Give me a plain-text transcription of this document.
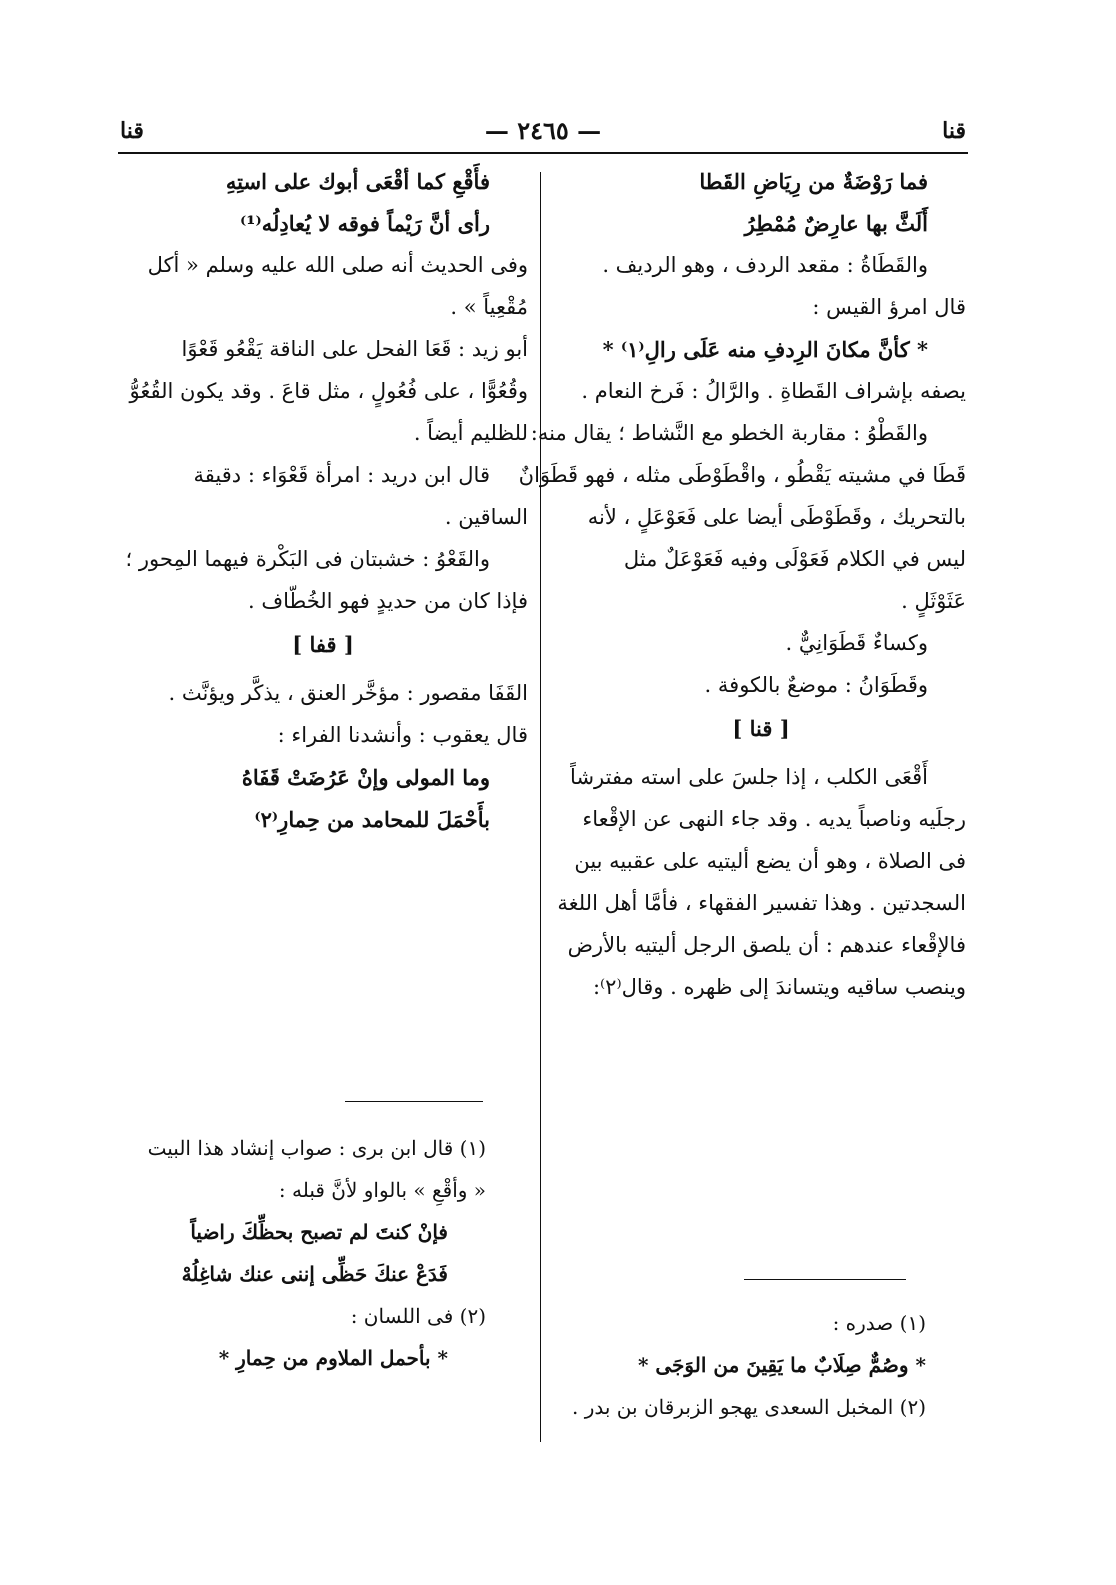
قنا
— ٢٤٦٥ —
قنا
فما رَوْضَةٌ من رِيَاضِ القَطا
أَلَثَّ بها عارِضٌ مُمْطِرُ
والقَطَاةُ : مقعد الردف ، وهو الرديف .
قال امرؤ القيس :
* كأنَّ مكانَ الرِدفِ منه عَلَى رالِ⁽١⁾ *
يصفه بإشراف القَطاةِ . والرَّالُ : فَرخ النعام .
والقَطْوُ : مقاربة الخطو مع النَّشاط ؛ يقال منه:
قَطَا في مشيته يَقْطُو ، واقْطَوْطَى مثله ، فهو قَطَوَانٌ
بالتحريك ، وقَطَوْطَى أيضا على فَعَوْعَلٍ ، لأنه
ليس في الكلام فَعَوْلَى وفيه فَعَوْعَلٌ مثل
عَثَوْثَلٍ .
وكساءٌ قَطَوَانِيٌّ .
وقَطَوَانُ : موضعٌ بالكوفة .
[ قنا ]
أَقْعَى الكلب ، إذا جلسَ على استه مفترشاً
رجلَيه وناصباً يديه . وقد جاء النهى عن الإقْعاء
فى الصلاة ، وهو أن يضع أليتيه على عقبيه بين
السجدتين . وهذا تفسير الفقهاء ، فأمَّا أهل اللغة
فالإقْعاء عندهم : أن يلصق الرجل أليتيه بالأرض
وينصب ساقيه ويتساندَ إلى ظهره . وقال⁽٢⁾:
(١) صدره :
* وصُمٌّ صِلَابٌ ما يَقِينَ من الوَجَى *
(٢) المخبل السعدى يهجو الزبرقان بن بدر .
فأَقْعِ كما أقْعَى أبوك على استِهِ
رأى أنَّ رَيْماً فوقه لا يُعادِلُه⁽¹⁾
وفى الحديث أنه صلى الله عليه وسلم « أكل
مُقْعِياً » .
أبو زيد : قَعَا الفحل على الناقة يَقْعُو قَعْوًا
وقُعُوًّا ، على فُعُولٍ ، مثل قاعَ . وقد يكون القُعُوُّ
للظليم أيضاً .
قال ابن دريد : امرأة قَعْوَاء : دقيقة
الساقين .
والقَعْوُ : خشبتان فى البَكْرة فيهما المِحور ؛
فإذا كان من حديدٍ فهو الخُطّاف .
[ قفا ]
القَفَا مقصور : مؤخَّر العنق ، يذكَّر ويؤنَّث .
قال يعقوب : وأنشدنا الفراء :
وما المولى وإنْ عَرُضَتْ قَفَاهُ
بأَحْمَلَ للمحامد من حِمارِ⁽٢⁾
(١) قال ابن برى : صواب إنشاد هذا البيت
« وأقْعِ » بالواو لأنَّ قبله :
فإنْ كنتَ لم تصبح بحظِّكَ راضياً
فَدَعْ عنكَ حَظِّى إننى عنك شاغِلُهْ
(٢) فى اللسان :
* بأحمل الملاوم من حِمارِ *
